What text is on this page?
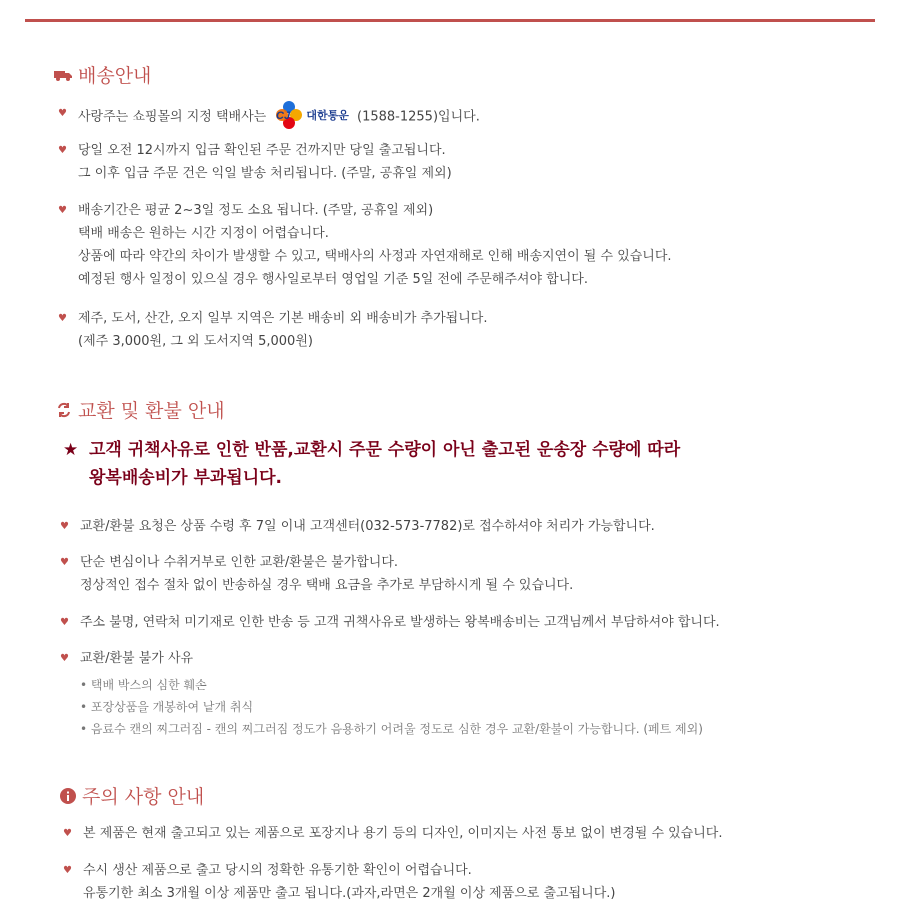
배송안내
♥ 사랑주는 쇼핑몰의 지정 택배사는 CJ 대한통운 (1588-1255)입니다.
♥ 당일 오전 12시까지 입금 확인된 주문 건까지만 당일 출고됩니다.
그 이후 입금 주문 건은 익일 발송 처리됩니다. (주말, 공휴일 제외)
♥ 배송기간은 평균 2~3일 정도 소요 됩니다. (주말, 공휴일 제외)
택배 배송은 원하는 시간 지정이 어렵습니다.
상품에 따라 약간의 차이가 발생할 수 있고, 택배사의 사정과 자연재해로 인해 배송지연이 될 수 있습니다.
예정된 행사 일정이 있으실 경우 행사일로부터 영업일 기준 5일 전에 주문해주셔야 합니다.
♥ 제주, 도서, 산간, 오지 일부 지역은 기본 배송비 외 배송비가 추가됩니다.
(제주 3,000원, 그 외 도서지역 5,000원)
교환 및 환불 안내
★ 고객 귀책사유로 인한 반품,교환시 주문 수량이 아닌 출고된 운송장 수량에 따라
왕복배송비가 부과됩니다.
♥ 교환/환불 요청은 상품 수령 후 7일 이내 고객센터(032-573-7782)로 접수하셔야 처리가 가능합니다.
♥ 단순 변심이나 수취거부로 인한 교환/환불은 불가합니다.
정상적인 접수 절차 없이 반송하실 경우 택배 요금을 추가로 부담하시게 될 수 있습니다.
♥ 주소 불명, 연락처 미기재로 인한 반송 등 고객 귀책사유로 발생하는 왕복배송비는 고객님께서 부담하셔야 합니다.
♥ 교환/환불 불가 사유
• 택배 박스의 심한 훼손
• 포장상품을 개봉하여 낱개 취식
• 음료수 캔의 찌그러짐 - 캔의 찌그러짐 정도가 음용하기 어려울 정도로 심한 경우 교환/환불이 가능합니다. (페트 제외)
주의 사항 안내
♥ 본 제품은 현재 출고되고 있는 제품으로 포장지나 용기 등의 디자인, 이미지는 사전 통보 없이 변경될 수 있습니다.
♥ 수시 생산 제품으로 출고 당시의 정확한 유통기한 확인이 어렵습니다.
유통기한 최소 3개월 이상 제품만 출고 됩니다.(과자,라면은 2개월 이상 제품으로 출고됩니다.)
